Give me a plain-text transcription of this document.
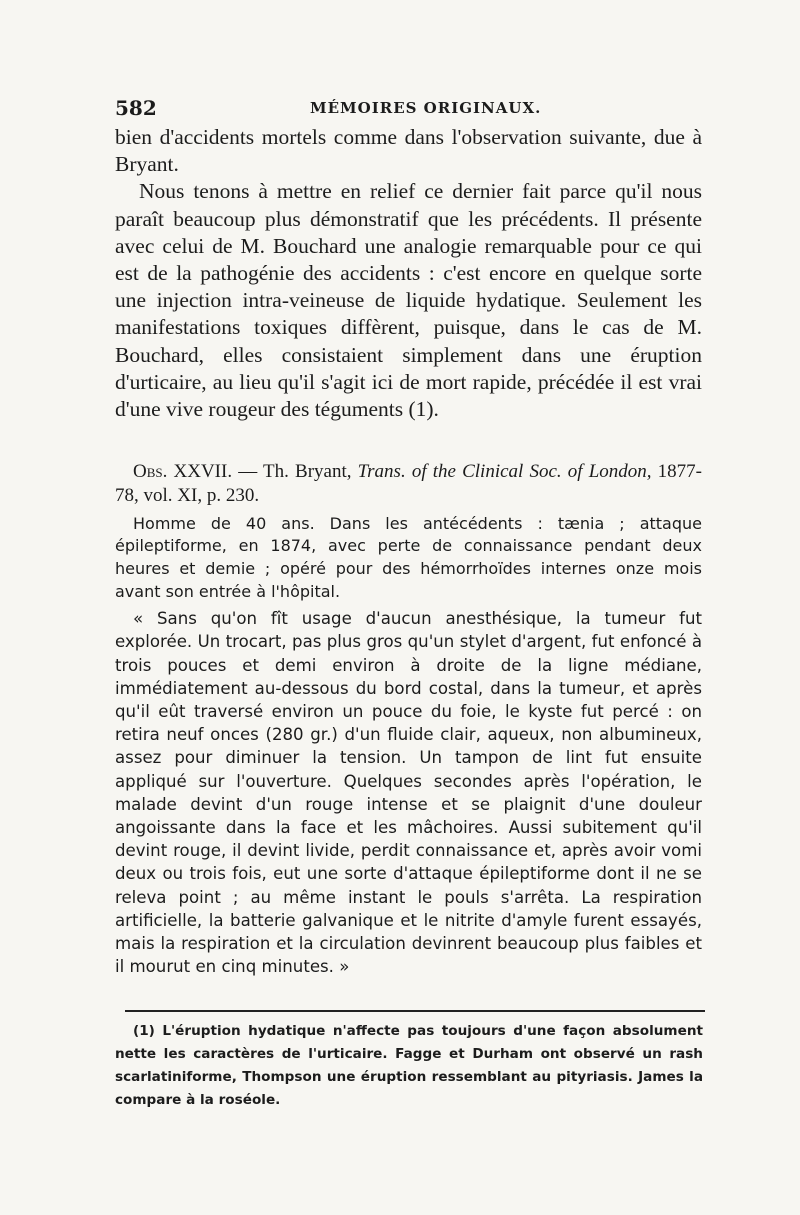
582	MÉMOIRES ORIGINAUX.

bien d'accidents mortels comme dans l'observation suivante, due à Bryant.

Nous tenons à mettre en relief ce dernier fait parce qu'il nous paraît beaucoup plus démonstratif que les précédents. Il présente avec celui de M. Bouchard une analogie remarquable pour ce qui est de la pathogénie des accidents : c'est encore en quelque sorte une injection intra-veineuse de liquide hydatique. Seulement les manifestations toxiques diffèrent, puisque, dans le cas de M. Bouchard, elles consistaient simplement dans une éruption d'urticaire, au lieu qu'il s'agit ici de mort rapide, précédée il est vrai d'une vive rougeur des téguments (1).

Obs. XXVII. — Th. Bryant, Trans. of the Clinical Soc. of London, 1877-78, vol. XI, p. 230.

Homme de 40 ans. Dans les antécédents : tænia ; attaque épileptiforme, en 1874, avec perte de connaissance pendant deux heures et demie ; opéré pour des hémorrhoïdes internes onze mois avant son entrée à l'hôpital.

« Sans qu'on fît usage d'aucun anesthésique, la tumeur fut explorée. Un trocart, pas plus gros qu'un stylet d'argent, fut enfoncé à trois pouces et demi environ à droite de la ligne médiane, immédiatement au-dessous du bord costal, dans la tumeur, et après qu'il eût traversé environ un pouce du foie, le kyste fut percé : on retira neuf onces (280 gr.) d'un fluide clair, aqueux, non albumineux, assez pour diminuer la tension. Un tampon de lint fut ensuite appliqué sur l'ouverture. Quelques secondes après l'opération, le malade devint d'un rouge intense et se plaignit d'une douleur angoissante dans la face et les mâchoires. Aussi subitement qu'il devint rouge, il devint livide, perdit connaissance et, après avoir vomi deux ou trois fois, eut une sorte d'attaque épileptiforme dont il ne se releva point ; au même instant le pouls s'arrêta. La respiration artificielle, la batterie galvanique et le nitrite d'amyle furent essayés, mais la respiration et la circulation devinrent beaucoup plus faibles et il mourut en cinq minutes. »

(1) L'éruption hydatique n'affecte pas toujours d'une façon absolument nette les caractères de l'urticaire. Fagge et Durham ont observé un rash scarlatiniforme, Thompson une éruption ressemblant au pityriasis. James la compare à la roséole.
